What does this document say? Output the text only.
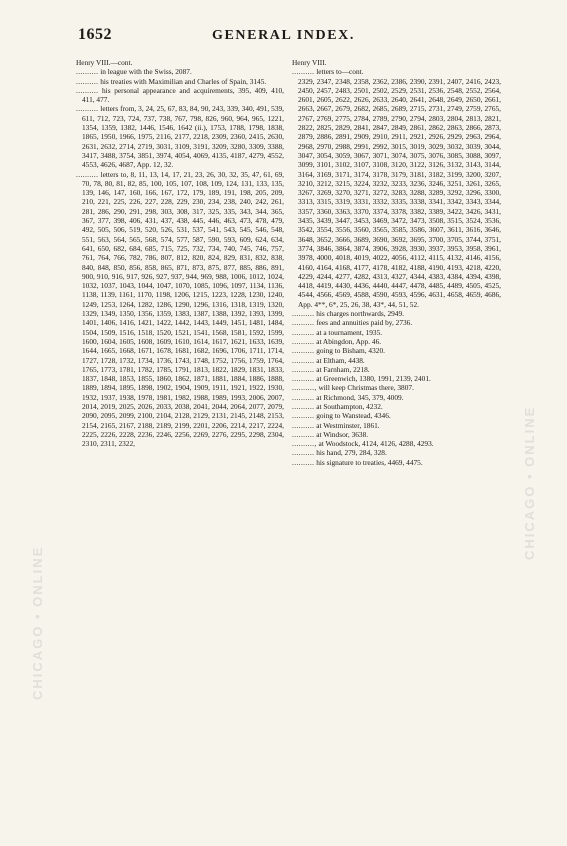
1652	GENERAL INDEX.
CHICAGO • ONLINE
CHICAGO • ONLINE

Henry VIII.—cont.

.......... in league with the Swiss, 2087.

.......... his treaties with Maximilian and Charles of Spain, 3145.

.......... his personal appearance and acquirements, 395, 409, 410, 411, 477.

.......... letters from, 3, 24, 25, 67, 83, 84, 90, 243, 339, 340, 491, 539, 611, 712, 723, 724, 737, 738, 767, 798, 826, 960, 964, 965, 1221, 1354, 1359, 1382, 1446, 1546, 1642 (ii.), 1753, 1788, 1798, 1838, 1865, 1950, 1966, 1975, 2116, 2177, 2218, 2309, 2360, 2415, 2630, 2631, 2632, 2714, 2719, 3031, 3109, 3191, 3209, 3280, 3309, 3388, 3417, 3488, 3754, 3851, 3974, 4054, 4069, 4135, 4187, 4279, 4552, 4553, 4626, 4687, App. 12, 32.

.......... letters to, 8, 11, 13, 14, 17, 21, 23, 26, 30, 32, 35, 47, 61, 69, 70, 78, 80, 81, 82, 85, 100, 105, 107, 108, 109, 124, 131, 133, 135, 139, 146, 147, 160, 166, 167, 172, 179, 189, 191, 198, 205, 209, 210, 221, 225, 226, 227, 228, 229, 230, 234, 238, 240, 242, 261, 281, 286, 290, 291, 298, 303, 308, 317, 325, 335, 343, 344, 365, 367, 377, 398, 406, 431, 437, 438, 445, 446, 463, 473, 478, 479, 492, 505, 506, 519, 520, 526, 531, 537, 541, 543, 545, 546, 548, 551, 563, 564, 565, 568, 574, 577, 587, 590, 593, 609, 624, 634, 641, 650, 682, 684, 685, 715, 725, 732, 734, 740, 745, 746, 757, 761, 764, 766, 782, 786, 807, 812, 820, 824, 829, 831, 832, 838, 840, 848, 850, 856, 858, 865, 871, 873, 875, 877, 885, 886, 891, 900, 910, 916, 917, 926, 927, 937, 944, 969, 988, 1006, 1012, 1024, 1032, 1037, 1043, 1044, 1047, 1070, 1085, 1096, 1097, 1134, 1136, 1138, 1139, 1161, 1170, 1198, 1206, 1215, 1223, 1228, 1230, 1240, 1249, 1253, 1264, 1282, 1286, 1290, 1296, 1316, 1318, 1319, 1320, 1329, 1349, 1350, 1356, 1359, 1383, 1387, 1388, 1392, 1393, 1399, 1401, 1406, 1416, 1421, 1422, 1442, 1443, 1449, 1451, 1481, 1484, 1504, 1509, 1516, 1518, 1520, 1521, 1541, 1568, 1581, 1592, 1599, 1600, 1604, 1605, 1608, 1609, 1610, 1614, 1617, 1621, 1633, 1639, 1644, 1665, 1668, 1671, 1678, 1681, 1682, 1696, 1706, 1711, 1714, 1727, 1728, 1732, 1734, 1736, 1743, 1748, 1752, 1756, 1759, 1764, 1765, 1773, 1781, 1782, 1785, 1791, 1813, 1822, 1829, 1831, 1833, 1837, 1848, 1853, 1855, 1860, 1862, 1871, 1881, 1884, 1886, 1888, 1889, 1894, 1895, 1898, 1902, 1904, 1909, 1911, 1921, 1922, 1930, 1932, 1937, 1938, 1978, 1981, 1982, 1988, 1989, 1993, 2006, 2007, 2014, 2019, 2025, 2026, 2033, 2038, 2041, 2044, 2064, 2077, 2079, 2090, 2095, 2099, 2100, 2104, 2128, 2129, 2131, 2145, 2148, 2153, 2154, 2165, 2167, 2188, 2189, 2199, 2201, 2206, 2214, 2217, 2224, 2225, 2226, 2228, 2236, 2246, 2256, 2269, 2276, 2295, 2298, 2304, 2310, 2311, 2322,

Henry VIII.

.......... letters to—cont.

2329, 2347, 2348, 2358, 2362, 2386, 2390, 2391, 2407, 2416, 2423, 2450, 2457, 2483, 2501, 2502, 2529, 2531, 2536, 2548, 2552, 2564, 2601, 2605, 2622, 2626, 2633, 2640, 2641, 2648, 2649, 2650, 2661, 2663, 2667, 2679, 2682, 2685, 2689, 2715, 2731, 2749, 2759, 2765, 2767, 2769, 2775, 2784, 2789, 2790, 2794, 2803, 2804, 2813, 2821, 2822, 2825, 2829, 2841, 2847, 2849, 2861, 2862, 2863, 2866, 2873, 2879, 2886, 2891, 2909, 2910, 2911, 2921, 2926, 2929, 2963, 2964, 2968, 2970, 2988, 2991, 2992, 3015, 3019, 3029, 3032, 3039, 3044, 3047, 3054, 3059, 3067, 3071, 3074, 3075, 3076, 3085, 3088, 3097, 3099, 3101, 3102, 3107, 3108, 3120, 3122, 3126, 3132, 3143, 3144, 3164, 3169, 3171, 3174, 3178, 3179, 3181, 3182, 3199, 3200, 3207, 3210, 3212, 3215, 3224, 3232, 3233, 3236, 3246, 3251, 3261, 3265, 3267, 3269, 3270, 3271, 3272, 3283, 3288, 3289, 3292, 3296, 3300, 3313, 3315, 3319, 3331, 3332, 3335, 3338, 3341, 3342, 3343, 3344, 3357, 3360, 3363, 3370, 3374, 3378, 3382, 3389, 3422, 3426, 3431, 3435, 3439, 3447, 3453, 3469, 3472, 3473, 3508, 3515, 3524, 3536, 3542, 3554, 3556, 3560, 3565, 3585, 3586, 3607, 3611, 3616, 3646, 3648, 3652, 3666, 3689, 3690, 3692, 3695, 3700, 3705, 3744, 3751, 3774, 3846, 3864, 3874, 3906, 3928, 3930, 3937, 3953, 3958, 3961, 3978, 4000, 4018, 4019, 4022, 4056, 4112, 4115, 4132, 4146, 4156, 4160, 4164, 4168, 4177, 4178, 4182, 4188, 4190, 4193, 4218, 4220, 4229, 4244, 4277, 4282, 4313, 4327, 4344, 4383, 4384, 4394, 4398, 4418, 4419, 4430, 4436, 4440, 4447, 4478, 4485, 4489, 4505, 4525, 4544, 4566, 4569, 4588, 4590, 4593, 4596, 4631, 4658, 4659, 4686, App. 4**, 6*, 25, 26, 38, 43*, 44, 51, 52.

.......... his charges northwards, 2949.

.......... fees and annuities paid by, 2736.

.......... at a tournament, 1935.

.......... at Abingdon, App. 46.

.......... going to Bisham, 4320.

.......... at Eltham, 4438.

.......... at Farnham, 2218.

.......... at Greenwich, 1380, 1991, 2139, 2401.

.........., will keep Christmas there, 3807.

.......... at Richmond, 345, 379, 4009.

.......... at Southampton, 4232.

.......... going to Wanstead, 4346.

.......... at Westminster, 1861.

.......... at Windsor, 3638.

.........., at Woodstock, 4124, 4126, 4288, 4293.

.......... his hand, 279, 284, 328.

.......... his signature to treaties, 4469, 4475.
